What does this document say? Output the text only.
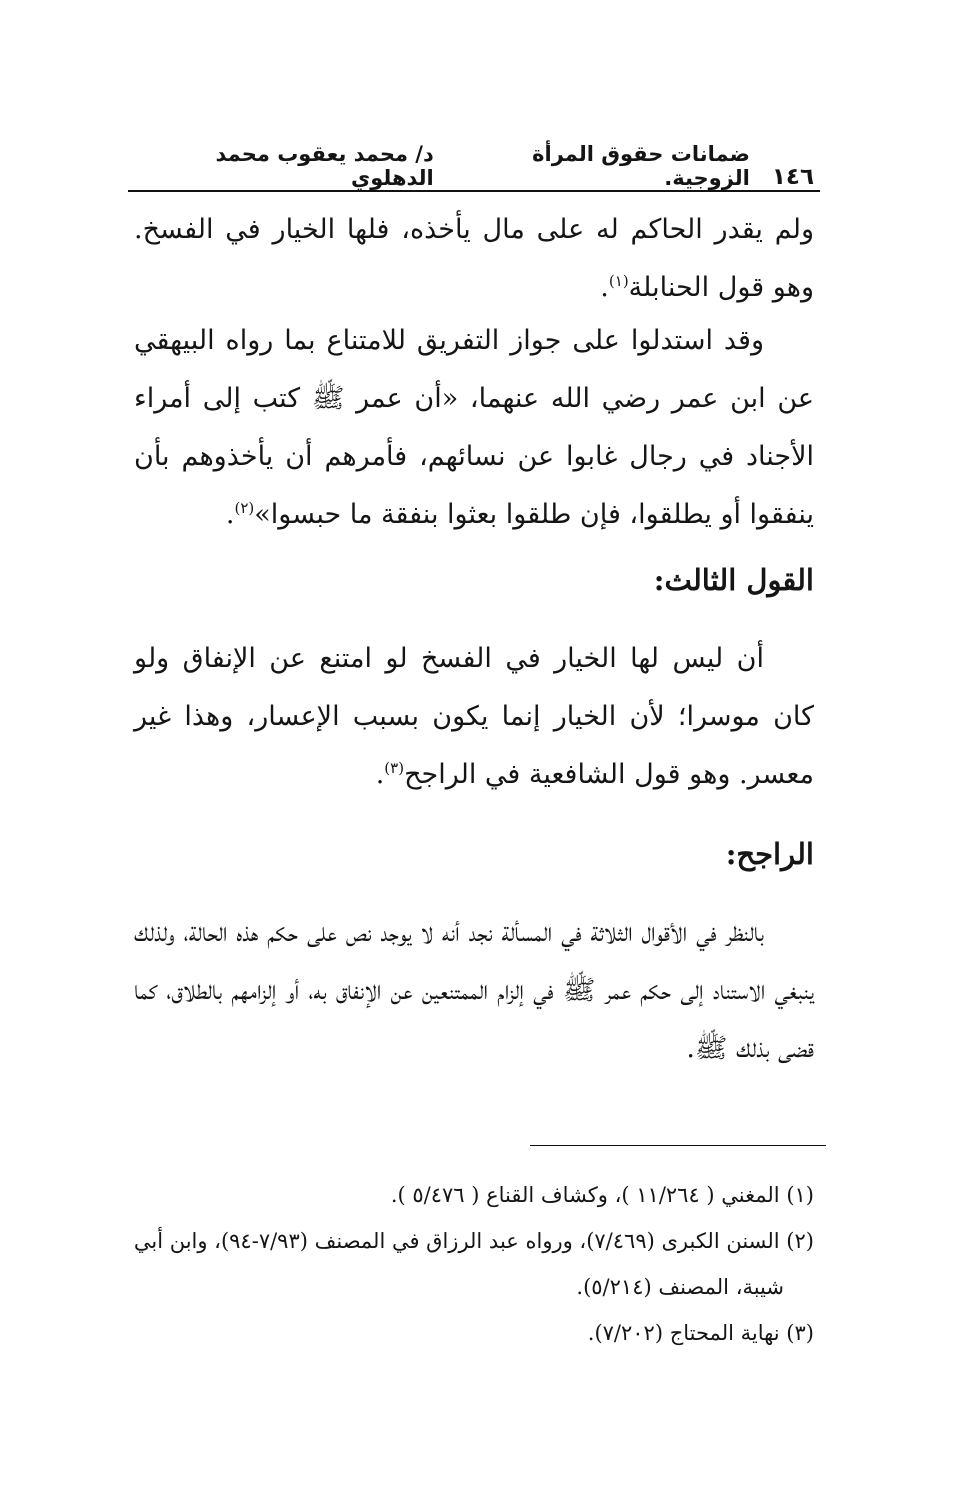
١٤٦
ضمانات حقوق المرأة الزوجية.
د/ محمد يعقوب محمد الدهلوي
ولم يقدر الحاكم له على مال يأخذه، فلها الخيار في الفسخ. وهو قول الحنابلة$^{(١)}$.
وقد استدلوا على جواز التفريق للامتناع بما رواه البيهقي عن ابن عمر رضي الله عنهما، «أن عمر ﷺ كتب إلى أمراء الأجناد في رجال غابوا عن نسائهم، فأمرهم أن يأخذوهم بأن ينفقوا أو يطلقوا، فإن طلقوا بعثوا بنفقة ما حبسوا»$^{(٢)}$.
القول الثالث:
أن ليس لها الخيار في الفسخ لو امتنع عن الإنفاق ولو كان موسرا؛ لأن الخيار إنما يكون بسبب الإعسار، وهذا غير معسر. وهو قول الشافعية في الراجح$^{(٣)}$.
الراجح:
بالنظر في الأقوال الثلاثة في المسألة نجد أنه لا يوجد نص على حكم هذه الحالة، ولذلك ينبغي الاستناد إلى حكم عمر ﷺ في إلزام الممتنعين عن الإنفاق به، أو إلزامهم بالطلاق، كما قضى بذلك ﷺ.

(١) المغني ( ١١/٢٦٤ )، وكشاف القناع ( ٥/٤٧٦ ).

(٢) السنن الكبرى (٧/٤٦٩)، ورواه عبد الرزاق في المصنف (٧/٩٣-٩٤)، وابن أبي

شيبة، المصنف (٥/٢١٤).

(٣) نهاية المحتاج (٧/٢٠٢).
